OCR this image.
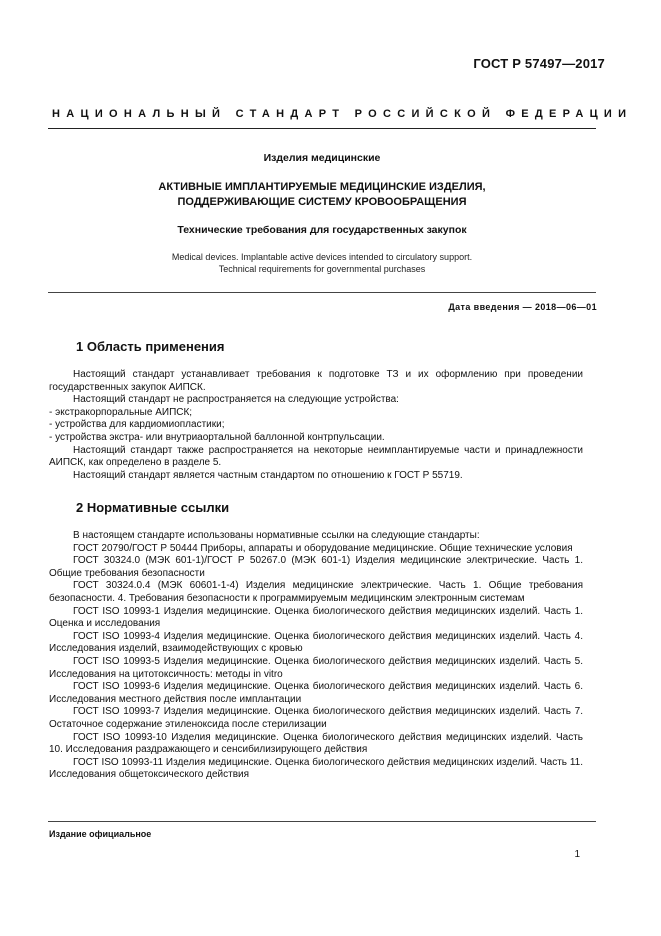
ГОСТ Р 57497—2017
НАЦИОНАЛЬНЫЙ СТАНДАРТ РОССИЙСКОЙ ФЕДЕРАЦИИ
Изделия медицинские
АКТИВНЫЕ ИМПЛАНТИРУЕМЫЕ МЕДИЦИНСКИЕ ИЗДЕЛИЯ,
ПОДДЕРЖИВАЮЩИЕ СИСТЕМУ КРОВООБРАЩЕНИЯ
Технические требования для государственных закупок
Medical devices. Implantable active devices intended to circulatory support.
Technical requirements for governmental purchases
Дата введения — 2018—06—01
1 Область применения

Настоящий стандарт устанавливает требования к подготовке ТЗ и их оформлению при проведении государственных закупок АИПСК.

Настоящий стандарт не распространяется на следующие устройства:

- экстракорпоральные АИПСК;

- устройства для кардиомиопластики;

- устройства экстра- или внутриаортальной баллонной контрпульсации.

Настоящий стандарт также распространяется на некоторые неимплантируемые части и принадлежности АИПСК, как определено в разделе 5.

Настоящий стандарт является частным стандартом по отношению к ГОСТ Р 55719.

2 Нормативные ссылки

В настоящем стандарте использованы нормативные ссылки на следующие стандарты:

ГОСТ 20790/ГОСТ Р 50444 Приборы, аппараты и оборудование медицинские. Общие технические условия

ГОСТ 30324.0 (МЭК 601-1)/ГОСТ Р 50267.0 (МЭК 601-1) Изделия медицинские электрические. Часть 1. Общие требования безопасности

ГОСТ 30324.0.4 (МЭК 60601-1-4) Изделия медицинские электрические. Часть 1. Общие требования безопасности. 4. Требования безопасности к программируемым медицинским электронным системам

ГОСТ ISO 10993-1 Изделия медицинские. Оценка биологического действия медицинских изделий. Часть 1. Оценка и исследования

ГОСТ ISO 10993-4 Изделия медицинские. Оценка биологического действия медицинских изделий. Часть 4. Исследования изделий, взаимодействующих с кровью

ГОСТ ISO 10993-5 Изделия медицинские. Оценка биологического действия медицинских изделий. Часть 5. Исследования на цитотоксичность: методы in vitro

ГОСТ ISO 10993-6 Изделия медицинские. Оценка биологического действия медицинских изделий. Часть 6. Исследования местного действия после имплантации

ГОСТ ISO 10993-7 Изделия медицинские. Оценка биологического действия медицинских изделий. Часть 7. Остаточное содержание этиленоксида после стерилизации

ГОСТ ISO 10993-10 Изделия медицинские. Оценка биологического действия медицинских изделий. Часть 10. Исследования раздражающего и сенсибилизирующего действия

ГОСТ ISO 10993-11 Изделия медицинские. Оценка биологического действия медицинских изделий. Часть 11. Исследования общетоксического действия

Издание официальное
1
